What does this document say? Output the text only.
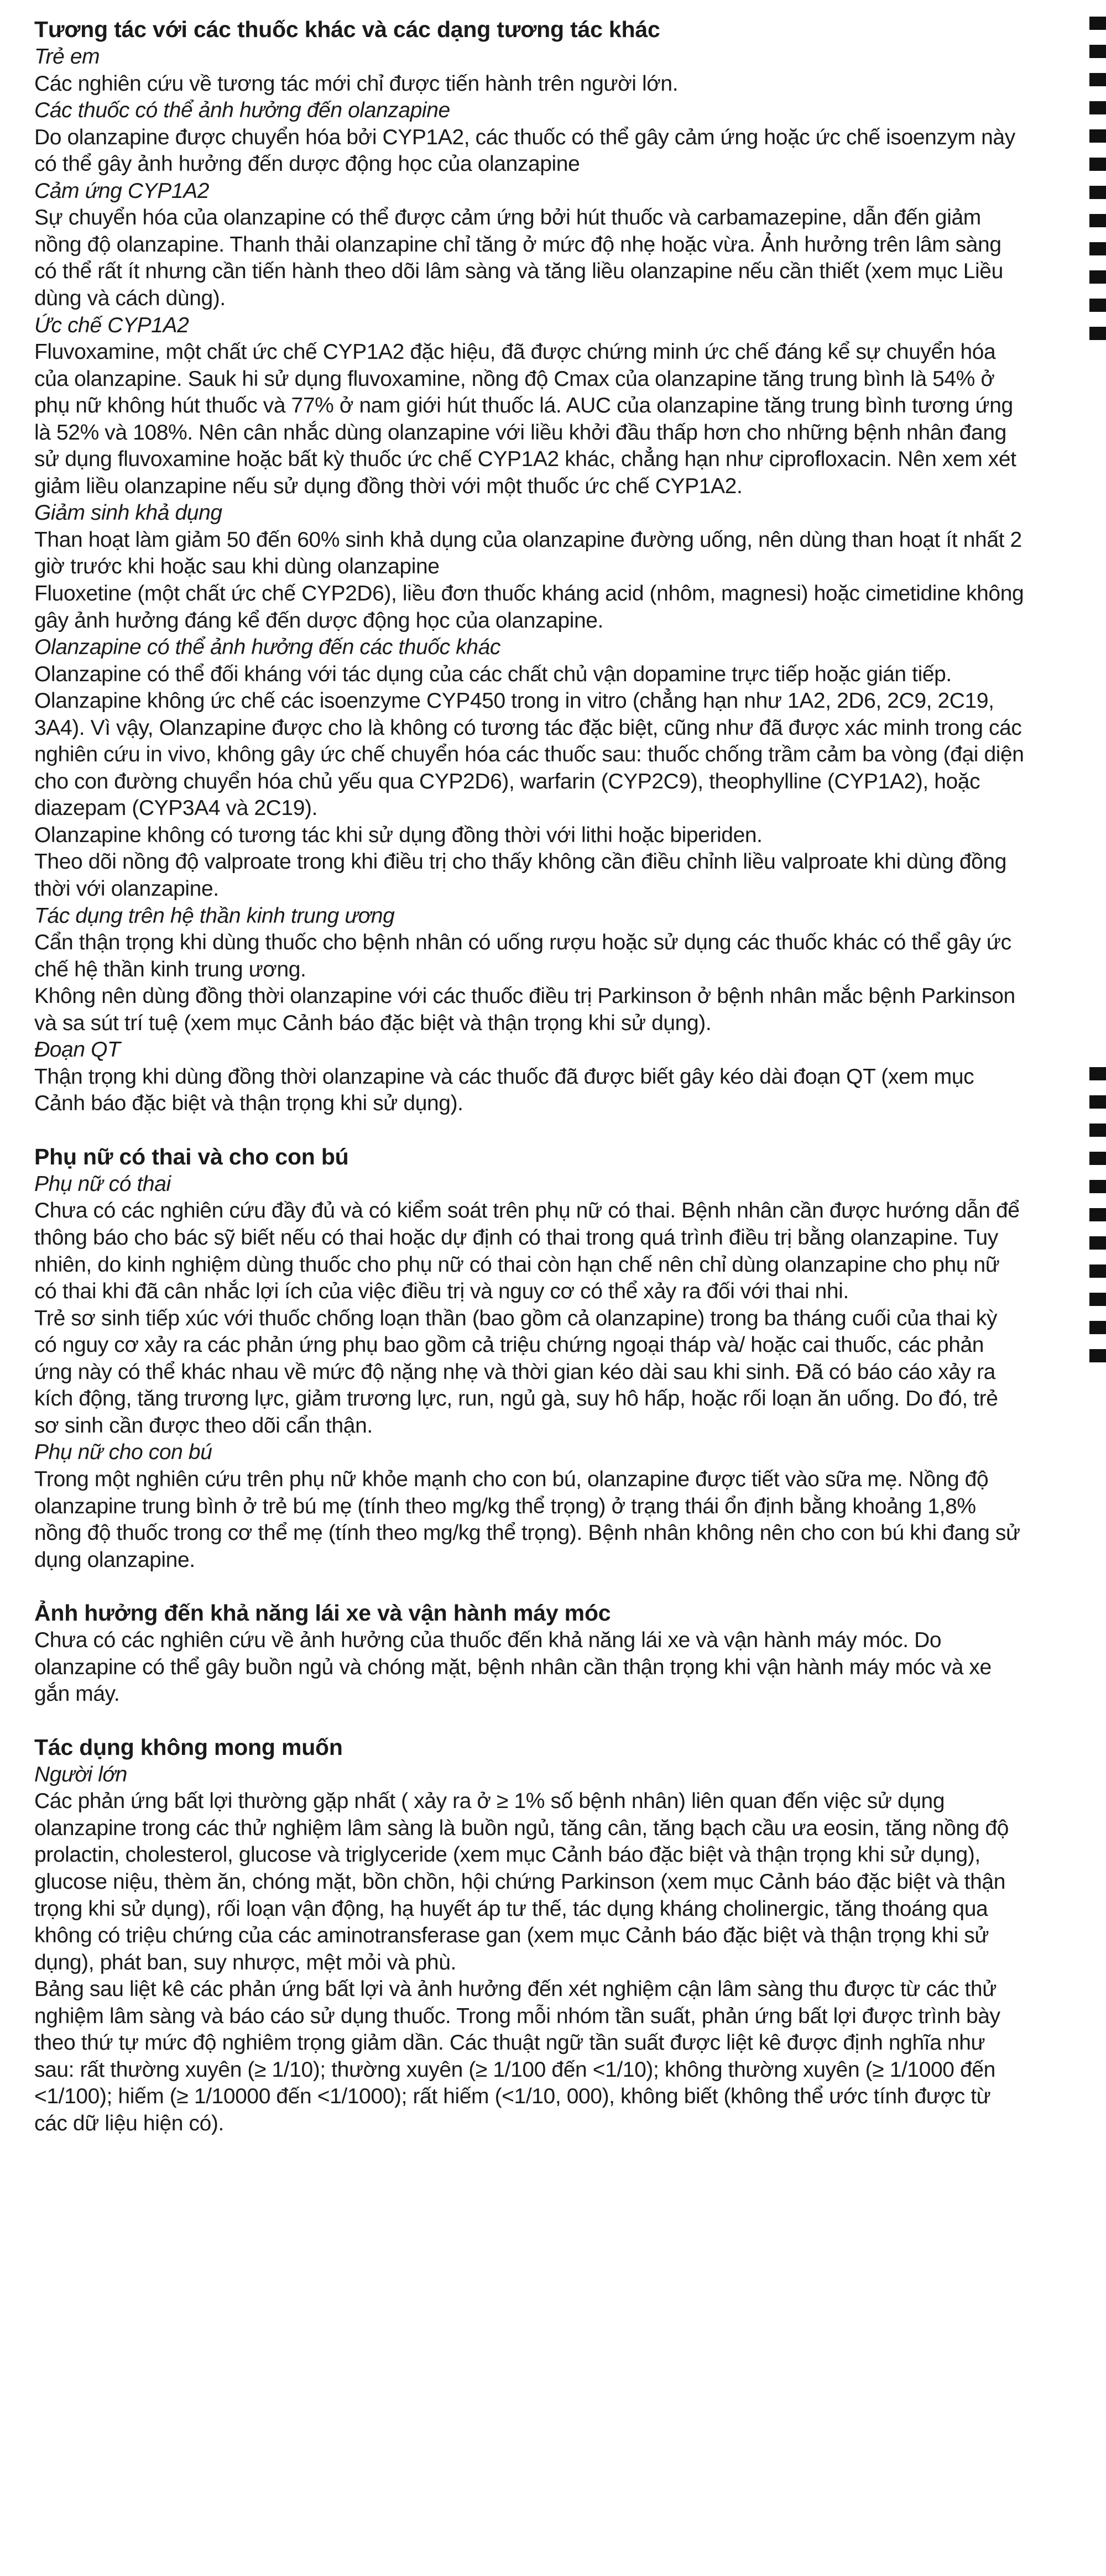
Tương tác với các thuốc khác và các dạng tương tác khác
Trẻ em

Các nghiên cứu về tương tác mới chỉ được tiến hành trên người lớn.

Các thuốc có thể ảnh hưởng đến olanzapine

Do olanzapine được chuyển hóa bởi CYP1A2, các thuốc có thể gây cảm ứng hoặc ức chế isoenzym này có thể gây ảnh hưởng đến dược động học của olanzapine

Cảm ứng CYP1A2

Sự chuyển hóa của olanzapine có thể được cảm ứng bởi hút thuốc và carbamazepine, dẫn đến giảm nồng độ olanzapine. Thanh thải olanzapine chỉ tăng ở mức độ nhẹ hoặc vừa. Ảnh hưởng trên lâm sàng có thể rất ít nhưng cần tiến hành theo dõi lâm sàng và tăng liều olanzapine nếu cần thiết (xem mục Liều dùng và cách dùng).

Ức chế CYP1A2

Fluvoxamine, một chất ức chế CYP1A2 đặc hiệu, đã được chứng minh ức chế đáng kể sự chuyển hóa của olanzapine. Sauk hi sử dụng fluvoxamine, nồng độ Cmax của olanzapine tăng trung bình là 54% ở phụ nữ không hút thuốc và 77% ở nam giới hút thuốc lá. AUC của olanzapine tăng trung bình tương ứng là 52% và 108%. Nên cân nhắc dùng olanzapine với liều khởi đầu thấp hơn cho những bệnh nhân đang sử dụng fluvoxamine hoặc bất kỳ thuốc ức chế CYP1A2 khác, chẳng hạn như ciprofloxacin. Nên xem xét giảm liều olanzapine nếu sử dụng đồng thời với một thuốc ức chế CYP1A2.

Giảm sinh khả dụng

Than hoạt làm giảm 50 đến 60% sinh khả dụng của olanzapine đường uống, nên dùng than hoạt ít nhất 2 giờ trước khi hoặc sau khi dùng olanzapine

Fluoxetine (một chất ức chế CYP2D6), liều đơn thuốc kháng acid (nhôm, magnesi) hoặc cimetidine không gây ảnh hưởng đáng kể đến dược động học của olanzapine.

Olanzapine có thể ảnh hưởng đến các thuốc khác

Olanzapine có thể đối kháng với tác dụng của các chất chủ vận dopamine trực tiếp hoặc gián tiếp.

Olanzapine không ức chế các isoenzyme CYP450 trong in vitro (chẳng hạn như 1A2, 2D6, 2C9, 2C19, 3A4). Vì vậy, Olanzapine được cho là không có tương tác đặc biệt, cũng như đã được xác minh trong các nghiên cứu in vivo, không gây ức chế chuyển hóa các thuốc sau: thuốc chống trầm cảm ba vòng (đại diện cho con đường chuyển hóa chủ yếu qua CYP2D6), warfarin (CYP2C9), theophylline (CYP1A2), hoặc diazepam (CYP3A4 và 2C19).

Olanzapine không có tương tác khi sử dụng đồng thời với lithi hoặc biperiden.

Theo dõi nồng độ valproate trong khi điều trị cho thấy không cần điều chỉnh liều valproate khi dùng đồng thời với olanzapine.

Tác dụng trên hệ thần kinh trung ương

Cẩn thận trọng khi dùng thuốc cho bệnh nhân có uống rượu hoặc sử dụng các thuốc khác có thể gây ức chế hệ thần kinh trung ương.

Không nên dùng đồng thời olanzapine với các thuốc điều trị Parkinson ở bệnh nhân mắc bệnh Parkinson và sa sút trí tuệ (xem mục Cảnh báo đặc biệt và thận trọng khi sử dụng).

Đoạn QT

Thận trọng khi dùng đồng thời olanzapine và các thuốc đã được biết gây kéo dài đoạn QT (xem mục Cảnh báo đặc biệt và thận trọng khi sử dụng).

Phụ nữ có thai và cho con bú
Phụ nữ có thai

Chưa có các nghiên cứu đầy đủ và có kiểm soát trên phụ nữ có thai. Bệnh nhân cần được hướng dẫn để thông báo cho bác sỹ biết nếu có thai hoặc dự định có thai trong quá trình điều trị bằng olanzapine. Tuy nhiên, do kinh nghiệm dùng thuốc cho phụ nữ có thai còn hạn chế nên chỉ dùng olanzapine cho phụ nữ có thai khi đã cân nhắc lợi ích của việc điều trị và nguy cơ có thể xảy ra đối với thai nhi.

Trẻ sơ sinh tiếp xúc với thuốc chống loạn thần (bao gồm cả olanzapine) trong ba tháng cuối của thai kỳ có nguy cơ xảy ra các phản ứng phụ bao gồm cả triệu chứng ngoại tháp và/ hoặc cai thuốc, các phản ứng này có thể khác nhau về mức độ nặng nhẹ và thời gian kéo dài sau khi sinh. Đã có báo cáo xảy ra kích động, tăng trương lực, giảm trương lực, run, ngủ gà, suy hô hấp, hoặc rối loạn ăn uống. Do đó, trẻ sơ sinh cần được theo dõi cẩn thận.

Phụ nữ cho con bú

Trong một nghiên cứu trên phụ nữ khỏe mạnh cho con bú, olanzapine được tiết vào sữa mẹ. Nồng độ olanzapine trung bình ở trẻ bú mẹ (tính theo mg/kg thể trọng) ở trạng thái ổn định bằng khoảng 1,8% nồng độ thuốc trong cơ thể mẹ (tính theo mg/kg thể trọng). Bệnh nhân không nên cho con bú khi đang sử dụng olanzapine.

Ảnh hưởng đến khả năng lái xe và vận hành máy móc

Chưa có các nghiên cứu về ảnh hưởng của thuốc đến khả năng lái xe và vận hành máy móc. Do olanzapine có thể gây buồn ngủ và chóng mặt, bệnh nhân cần thận trọng khi vận hành máy móc và xe gắn máy.

Tác dụng không mong muốn
Người lớn

Các phản ứng bất lợi thường gặp nhất ( xảy ra ở ≥ 1% số bệnh nhân) liên quan đến việc sử dụng olanzapine trong các thử nghiệm lâm sàng là buồn ngủ, tăng cân, tăng bạch cầu ưa eosin, tăng nồng độ prolactin, cholesterol, glucose và triglyceride (xem mục Cảnh báo đặc biệt và thận trọng khi sử dụng), glucose niệu, thèm ăn, chóng mặt, bồn chồn, hội chứng Parkinson (xem mục Cảnh báo đặc biệt và thận trọng khi sử dụng), rối loạn vận động, hạ huyết áp tư thế, tác dụng kháng cholinergic, tăng thoáng qua không có triệu chứng của các aminotransferase gan (xem mục Cảnh báo đặc biệt và thận trọng khi sử dụng), phát ban, suy nhược, mệt mỏi và phù.

Bảng sau liệt kê các phản ứng bất lợi và ảnh hưởng đến xét nghiệm cận lâm sàng thu được từ các thử nghiệm lâm sàng và báo cáo sử dụng thuốc. Trong mỗi nhóm tần suất, phản ứng bất lợi được trình bày theo thứ tự mức độ nghiêm trọng giảm dần. Các thuật ngữ tần suất được liệt kê được định nghĩa như sau: rất thường xuyên (≥ 1/10); thường xuyên (≥ 1/100 đến <1/10); không thường xuyên (≥ 1/1000 đến <1/100); hiếm (≥ 1/10000 đến <1/1000); rất hiếm (<1/10, 000), không biết (không thể ước tính được từ các dữ liệu hiện có).
